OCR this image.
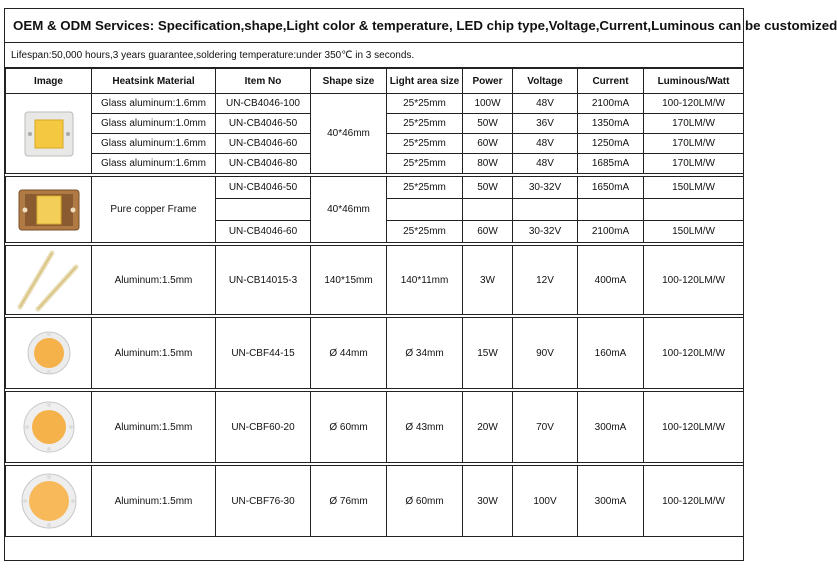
OEM & ODM Services: Specification,shape,Light color & temperature, LED chip type,Voltage,Current,Luminous can be customized
Lifespan:50,000 hours,3 years guarantee,soldering temperature:under 350℃ in 3 seconds.
Image	Heatsink Material	Item No	Shape size	Light area size	Power	Voltage	Current	Luminous/Watt

	Glass aluminum:1.6mm	UN-CB4046-100	40*46mm	25*25mm	100W	48V	2100mA	100-120LM/W
	Glass aluminum:1.0mm	UN-CB4046-50		25*25mm	50W	36V	1350mA	170LM/W
	Glass aluminum:1.6mm	UN-CB4046-60		25*25mm	60W	48V	1250mA	170LM/W
	Glass aluminum:1.6mm	UN-CB4046-80		25*25mm	80W	48V	1685mA	170LM/W

	Pure copper Frame	UN-CB4046-50	40*46mm	25*25mm	50W	30-32V	1650mA	150LM/W

		UN-CB4046-60		25*25mm	60W	30-32V	2100mA	150LM/W

	Aluminum:1.5mm	UN-CB14015-3	140*15mm	140*11mm	3W	12V	400mA	100-120LM/W

	Aluminum:1.5mm	UN-CBF44-15	Ø 44mm	Ø 34mm	15W	90V	160mA	100-120LM/W

	Aluminum:1.5mm	UN-CBF60-20	Ø 60mm	Ø 43mm	20W	70V	300mA	100-120LM/W

	Aluminum:1.5mm	UN-CBF76-30	Ø 76mm	Ø 60mm	30W	100V	300mA	100-120LM/W
